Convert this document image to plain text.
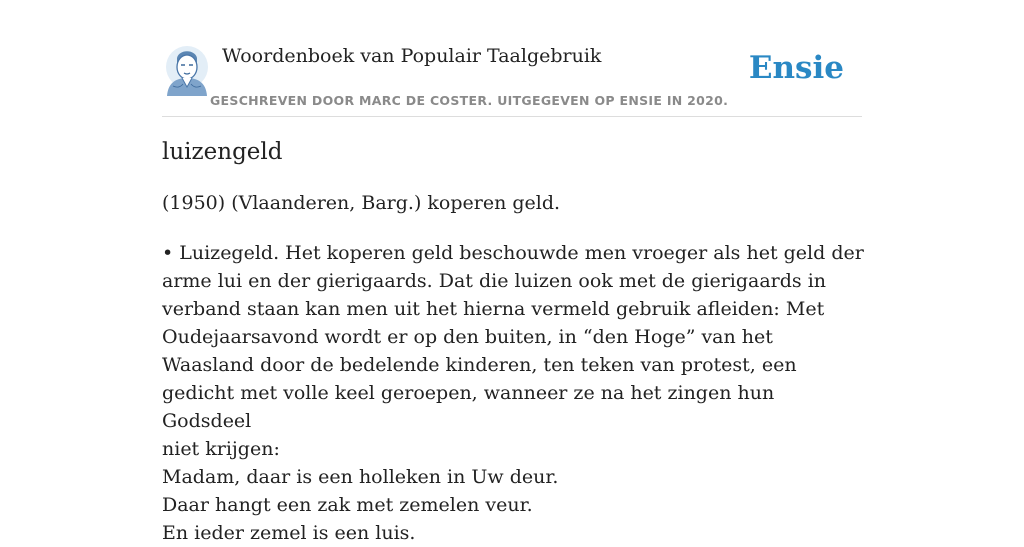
Woordenboek van Populair Taalgebruik
GESCHREVEN DOOR MARC DE COSTER. UITGEGEVEN OP ENSIE IN 2020.
Ensie
luizengeld
(1950) (Vlaanderen, Barg.) koperen geld.

• Luizegeld. Het koperen geld beschouwde men vroeger als het geld der arme lui en der gierigaards. Dat die luizen ook met de gierigaards in verband staan kan men uit het hierna vermeld gebruik afleiden: Met Oudejaarsavond wordt er op den buiten, in “den Hoge” van het Waasland door de bedelende kinderen, ten teken van protest, een gedicht met volle keel geroepen, wanneer ze na het zingen hun Godsdeel

niet krijgen:

Madam, daar is een holleken in Uw deur.

Daar hangt een zak met zemelen veur.

En ieder zemel is een luis.
